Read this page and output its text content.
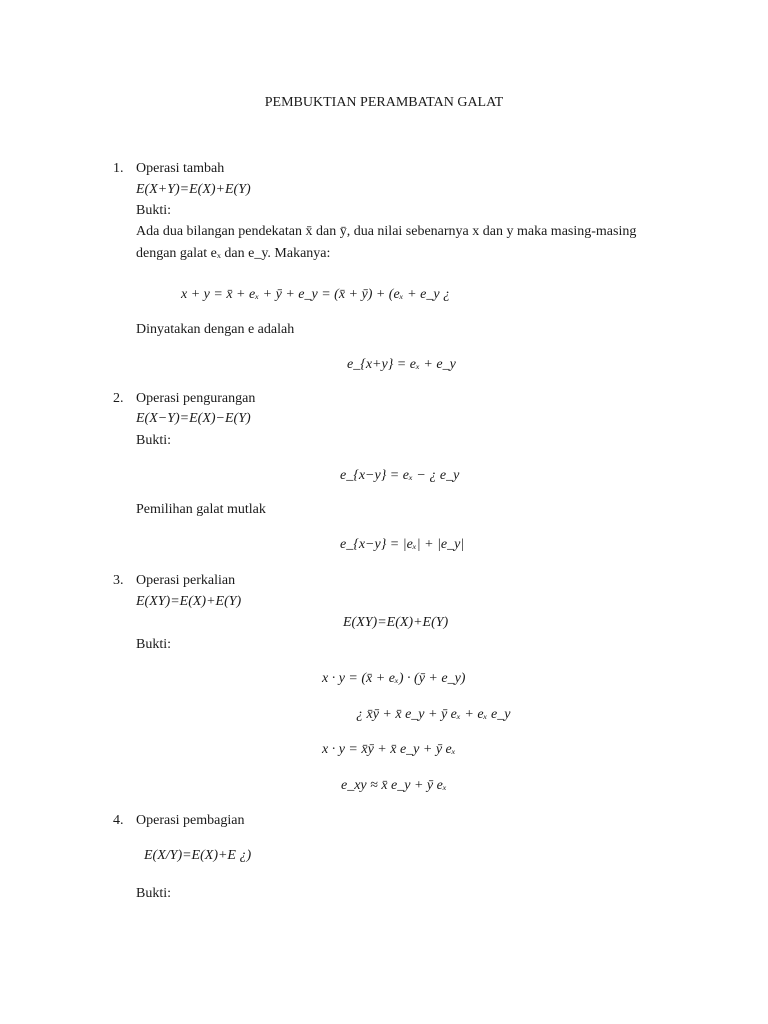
PEMBUKTIAN PERAMBATAN GALAT
1. Operasi tambah
E(X+Y)=E(X)+E(Y)
Bukti:
Ada dua bilangan pendekatan x̄ dan ȳ, dua nilai sebenarnya x dan y maka masing-masing
dengan galat eₓ dan e_y. Makanya:
x + y = x̄ + eₓ + ȳ + e_y = (x̄ + ȳ) + (eₓ + e_y ¿
Dinyatakan dengan e adalah
e_{x+y} = eₓ + e_y
2. Operasi pengurangan
E(X−Y)=E(X)−E(Y)
Bukti:
e_{x−y} = eₓ − ¿ e_y
Pemilihan galat mutlak
e_{x−y} = |eₓ| + |e_y|
3. Operasi perkalian
E(XY)=E(X)+E(Y)
E(XY)=E(X)+E(Y)
Bukti:
x · y = (x̄ + eₓ) · (ȳ + e_y)
¿ x̄ȳ + x̄ e_y + ȳ eₓ + eₓ e_y
x · y = x̄ȳ + x̄ e_y + ȳ eₓ
e_xy ≈ x̄ e_y + ȳ eₓ
4. Operasi pembagian
E(X/Y)=E(X)+E ¿)
Bukti:
